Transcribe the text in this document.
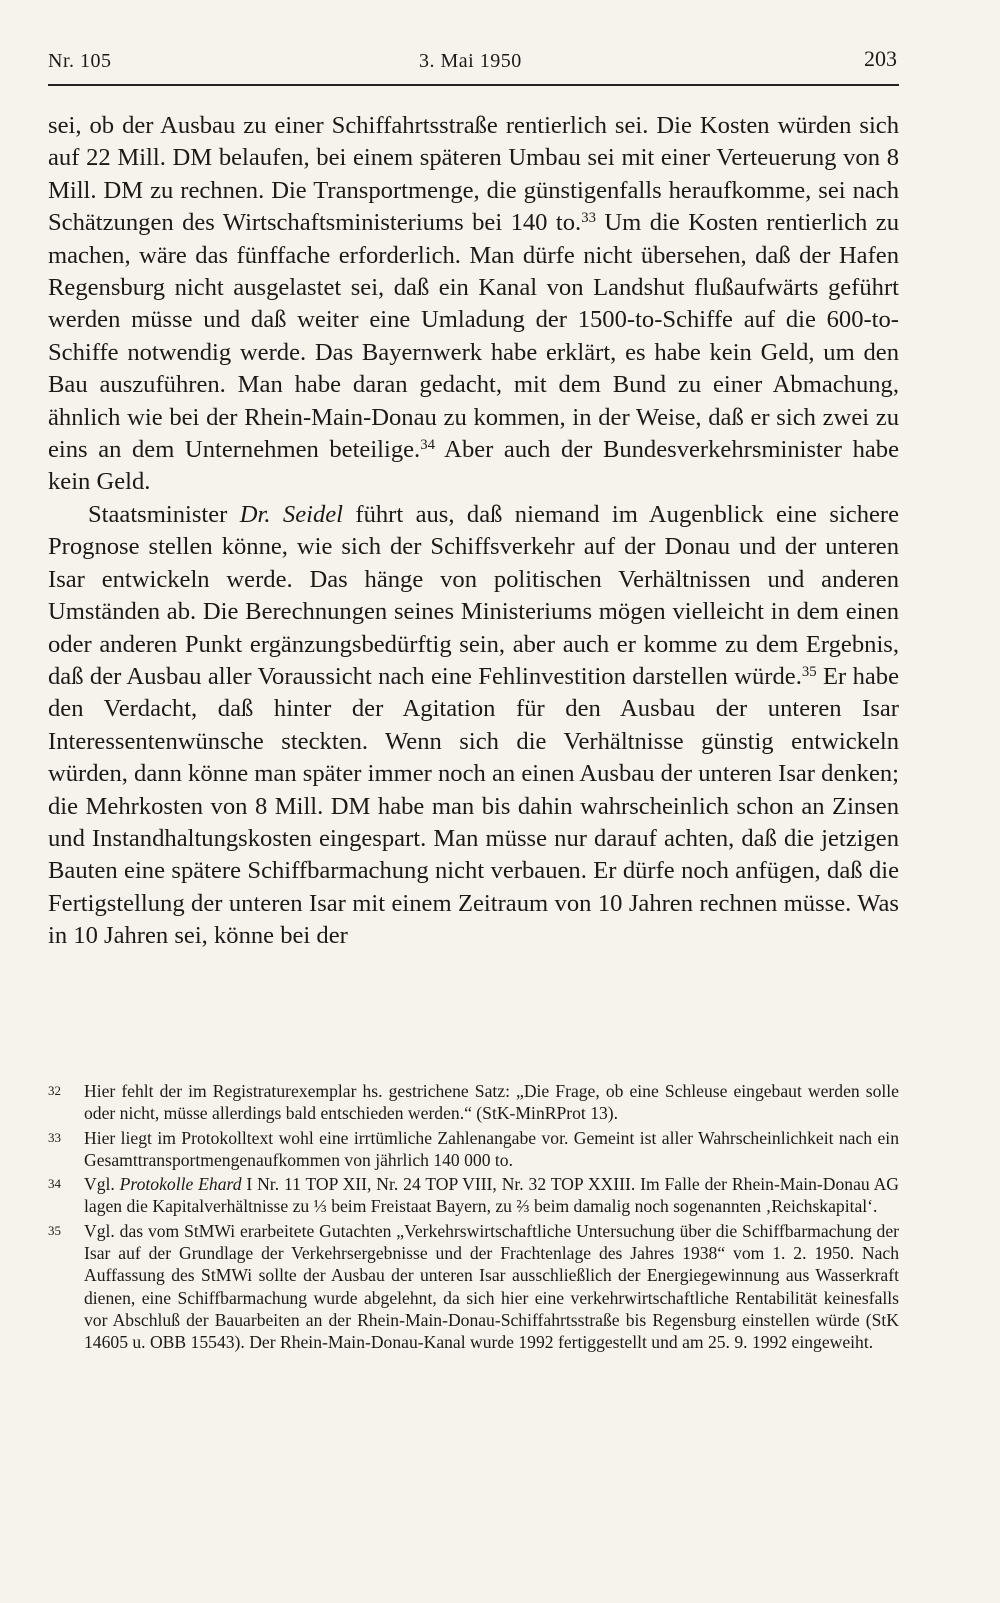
Nr. 105	3. Mai 1950	203

sei, ob der Ausbau zu einer Schiffahrtsstraße rentierlich sei. Die Kosten würden sich auf 22 Mill. DM belaufen, bei einem späteren Umbau sei mit einer Verteuerung von 8 Mill. DM zu rechnen. Die Transportmenge, die günstigenfalls heraufkomme, sei nach Schätzungen des Wirtschaftsministeriums bei 140 to.$^{33}$ Um die Kosten rentierlich zu machen, wäre das fünffache erforderlich. Man dürfe nicht übersehen, daß der Hafen Regensburg nicht ausgelastet sei, daß ein Kanal von Landshut flußaufwärts geführt werden müsse und daß weiter eine Umladung der 1500-to-Schiffe auf die 600-to-Schiffe notwendig werde. Das Bayernwerk habe erklärt, es habe kein Geld, um den Bau auszuführen. Man habe daran gedacht, mit dem Bund zu einer Abmachung, ähnlich wie bei der Rhein-Main-Donau zu kommen, in der Weise, daß er sich zwei zu eins an dem Unternehmen beteilige.$^{34}$ Aber auch der Bundesverkehrsminister habe kein Geld.

Staatsminister Dr. Seidel führt aus, daß niemand im Augenblick eine sichere Prognose stellen könne, wie sich der Schiffsverkehr auf der Donau und der unteren Isar entwickeln werde. Das hänge von politischen Verhältnissen und anderen Umständen ab. Die Berechnungen seines Ministeriums mögen vielleicht in dem einen oder anderen Punkt ergänzungsbedürftig sein, aber auch er komme zu dem Ergebnis, daß der Ausbau aller Voraussicht nach eine Fehlinvestition darstellen würde.$^{35}$ Er habe den Verdacht, daß hinter der Agitation für den Ausbau der unteren Isar Interessentenwünsche steckten. Wenn sich die Verhältnisse günstig entwickeln würden, dann könne man später immer noch an einen Ausbau der unteren Isar denken; die Mehrkosten von 8 Mill. DM habe man bis dahin wahrscheinlich schon an Zinsen und Instandhaltungskosten eingespart. Man müsse nur darauf achten, daß die jetzigen Bauten eine spätere Schiffbarmachung nicht verbauen. Er dürfe noch anfügen, daß die Fertigstellung der unteren Isar mit einem Zeitraum von 10 Jahren rechnen müsse. Was in 10 Jahren sei, könne bei der

32 Hier fehlt der im Registraturexemplar hs. gestrichene Satz: „Die Frage, ob eine Schleuse eingebaut werden solle oder nicht, müsse allerdings bald entschieden werden.“ (StK-MinRProt 13).
33 Hier liegt im Protokolltext wohl eine irrtümliche Zahlenangabe vor. Gemeint ist aller Wahrscheinlichkeit nach ein Gesamttransportmengenaufkommen von jährlich 140 000 to.
34 Vgl. Protokolle Ehard I Nr. 11 TOP XII, Nr. 24 TOP VIII, Nr. 32 TOP XXIII. Im Falle der Rhein-Main-Donau AG lagen die Kapitalverhältnisse zu ⅓ beim Freistaat Bayern, zu ⅔ beim damalig noch sogenannten ‚Reichskapital‘.
35 Vgl. das vom StMWi erarbeitete Gutachten „Verkehrswirtschaftliche Untersuchung über die Schiffbarmachung der Isar auf der Grundlage der Verkehrsergebnisse und der Frachtenlage des Jahres 1938“ vom 1. 2. 1950. Nach Auffassung des StMWi sollte der Ausbau der unteren Isar ausschließlich der Energiegewinnung aus Wasserkraft dienen, eine Schiffbarmachung wurde abgelehnt, da sich hier eine verkehrwirtschaftliche Rentabilität keinesfalls vor Abschluß der Bauarbeiten an der Rhein-Main-Donau-Schiffahrtsstraße bis Regensburg einstellen würde (StK 14605 u. OBB 15543). Der Rhein-Main-Donau-Kanal wurde 1992 fertiggestellt und am 25. 9. 1992 eingeweiht.
